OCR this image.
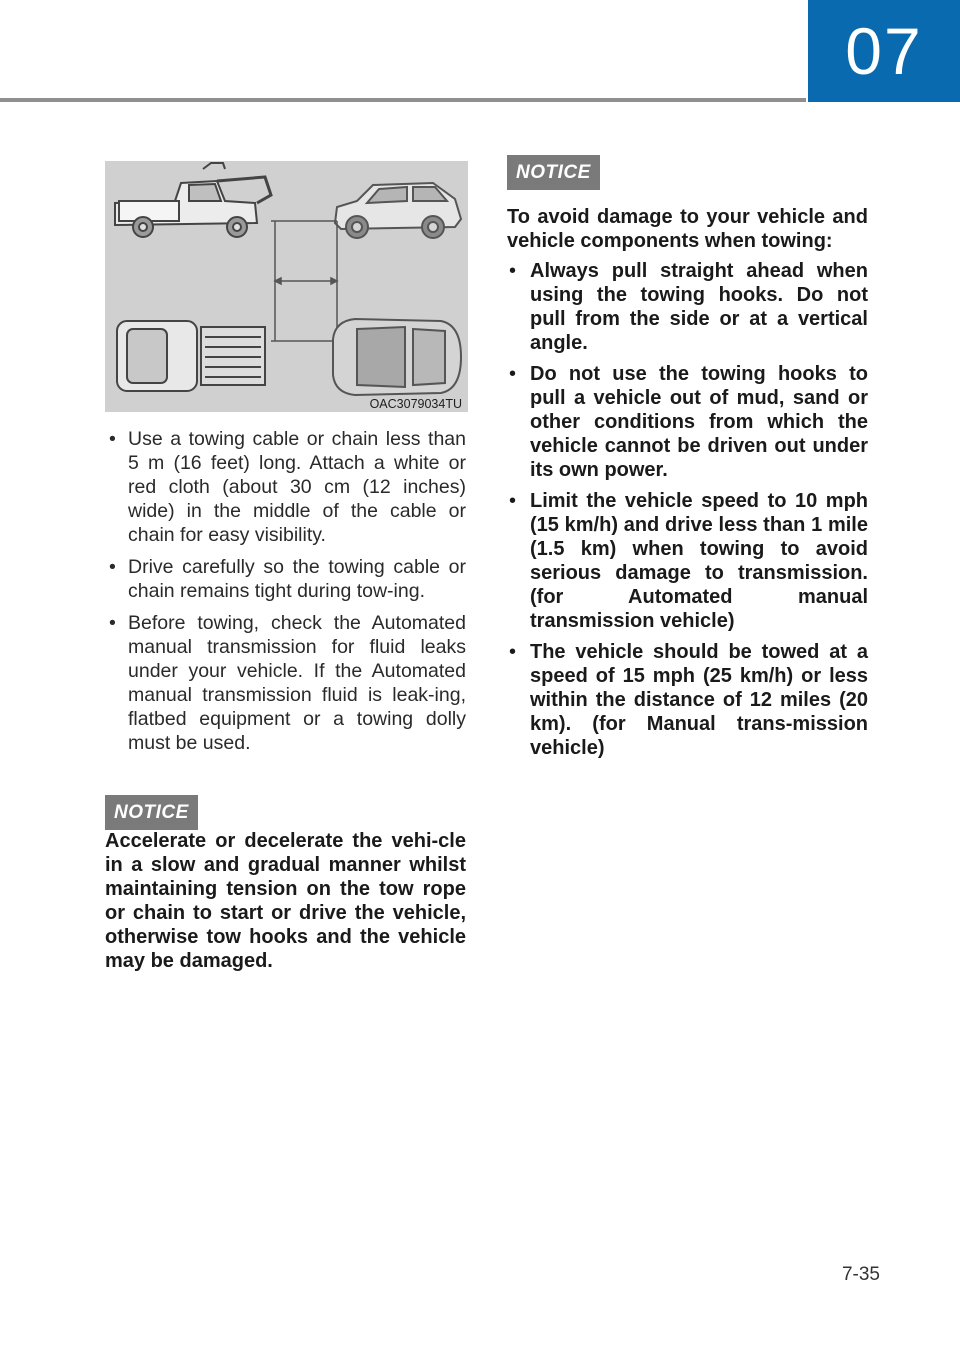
07
OAC3079034TU
• Use a towing cable or chain less than 5 m (16 feet) long. Attach a white or red cloth (about 30 cm (12 inches) wide) in the middle of the cable or chain for easy visibility.
• Drive carefully so the towing cable or chain remains tight during tow-ing.
• Before towing, check the Automated manual transmission for fluid leaks under your vehicle. If the Automated manual transmission fluid is leak-ing, flatbed equipment or a towing dolly must be used.
NOTICE

Accelerate or decelerate the vehi-cle in a slow and gradual manner whilst maintaining tension on the tow rope or chain to start or drive the vehicle, otherwise tow hooks and the vehicle may be damaged.

NOTICE

To avoid damage to your vehicle and vehicle components when towing:

• Always pull straight ahead when using the towing hooks. Do not pull from the side or at a vertical angle.
• Do not use the towing hooks to pull a vehicle out of mud, sand or other conditions from which the vehicle cannot be driven out under its own power.
• Limit the vehicle speed to 10 mph (15 km/h) and drive less than 1 mile (1.5 km) when towing to avoid serious damage to transmission. (for Automated manual transmission vehicle)
• The vehicle should be towed at a speed of 15 mph (25 km/h) or less within the distance of 12 miles (20 km). (for Manual trans-mission vehicle)
7-35
